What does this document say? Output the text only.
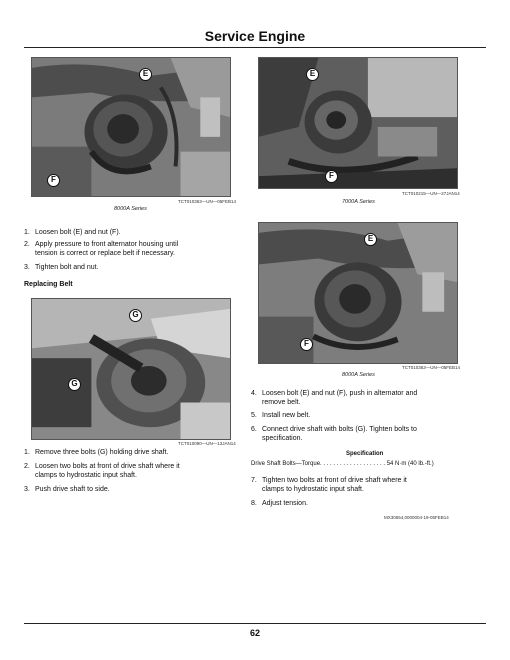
Service Engine
E
F
TCT010363—UN—05FEB14
8000A Series
E
F
TCT010215—UN—27JAN14
7000A Series
1. Loosen bolt (E) and nut (F).
2. Apply pressure to front alternator housing until
tension is correct or replace belt if necessary.
3. Tighten bolt and nut.
Replacing Belt
G
G
TCT010090—UN—13JAN14
1. Remove three bolts (G) holding drive shaft.
2. Loosen two bolts at front of drive shaft where it
clamps to hydrostatic input shaft.
3. Push drive shaft to side.
E
F
TCT010363—UN—05FEB14
8000A Series
4. Loosen bolt (E) and nut (F), push in alternator and
remove belt.
5. Install new belt.
6. Connect drive shaft with bolts (G). Tighten bolts to
specification.
Specification
Drive Shaft Bolts—Torque. . . . . . . . . . . . . . . . . . . . 54 N·m (40 lb.-ft.)
7. Tighten two bolts at front of drive shaft where it
clamps to hydrostatic input shaft.
8. Adjust tension.
MX30654,0000004-19-05FEB14
62
